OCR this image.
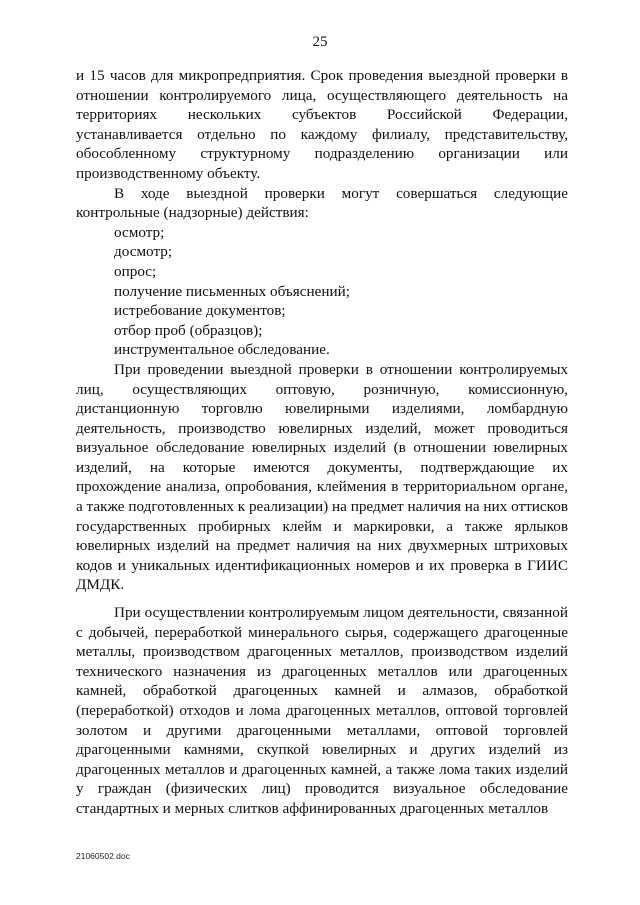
25

и 15 часов для микропредприятия. Срок проведения выездной проверки в отношении контролируемого лица, осуществляющего деятельность на территориях нескольких субъектов Российской Федерации, устанавливается отдельно по каждому филиалу, представительству, обособленному структурному подразделению организации или производственному объекту.

В ходе выездной проверки могут совершаться следующие контрольные (надзорные) действия:

осмотр;

досмотр;

опрос;

получение письменных объяснений;

истребование документов;

отбор проб (образцов);

инструментальное обследование.

При проведении выездной проверки в отношении контролируемых лиц, осуществляющих оптовую, розничную, комиссионную, дистанционную торговлю ювелирными изделиями, ломбардную деятельность, производство ювелирных изделий, может проводиться визуальное обследование ювелирных изделий (в отношении ювелирных изделий, на которые имеются документы, подтверждающие их прохождение анализа, опробования, клеймения в территориальном органе, а также подготовленных к реализации) на предмет наличия на них оттисков государственных пробирных клейм и маркировки, а также ярлыков ювелирных изделий на предмет наличия на них двухмерных штриховых кодов и уникальных идентификационных номеров и их проверка в ГИИС ДМДК.

При осуществлении контролируемым лицом деятельности, связанной с добычей, переработкой минерального сырья, содержащего драгоценные металлы, производством драгоценных металлов, производством изделий технического назначения из драгоценных металлов или драгоценных камней, обработкой драгоценных камней и алмазов, обработкой (переработкой) отходов и лома драгоценных металлов, оптовой торговлей золотом и другими драгоценными металлами, оптовой торговлей драгоценными камнями, скупкой ювелирных и других изделий из драгоценных металлов и драгоценных камней, а также лома таких изделий у граждан (физических лиц) проводится визуальное обследование стандартных и мерных слитков аффинированных драгоценных металлов

21060502.doc
